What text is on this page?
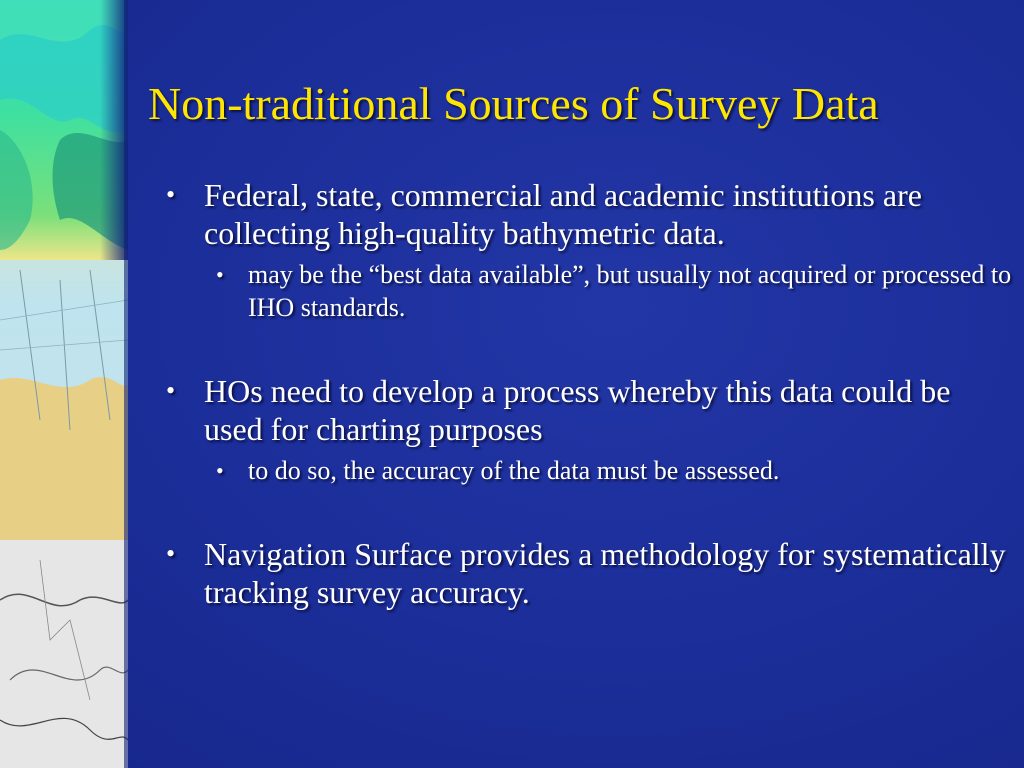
Non-traditional Sources of Survey Data
• Federal, state, commercial and academic institutions are collecting high-quality bathymetric data.
• may be the “best data available”, but usually not acquired or processed to IHO standards.
• HOs need to develop a process whereby this data could be used for charting purposes
• to do so, the accuracy of the data must be assessed.
• Navigation Surface provides a methodology for systematically tracking survey accuracy.
